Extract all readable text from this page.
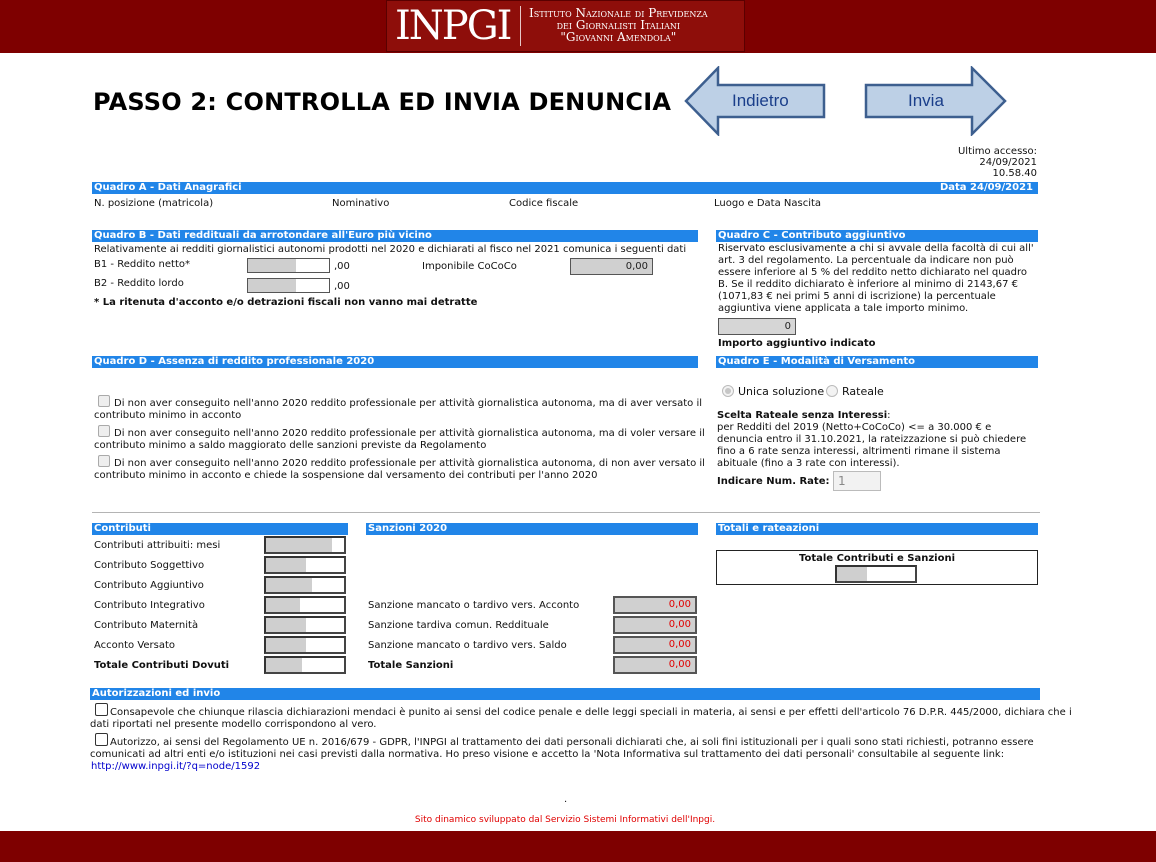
INPGI Istituto Nazionale di Previdenza
dei Giornalisti Italiani
"Giovanni Amendola"
PASSO 2: CONTROLLA ED INVIA DENUNCIA	Indietro	Invia
Ultimo accesso:
24/09/2021
10.58.40
Quadro A - Dati Anagrafici	Data 24/09/2021
N. posizione (matricola)	Nominativo	Codice fiscale	Luogo e Data Nascita
Quadro B - Dati reddituali da arrotondare all'Euro più vicino
Relativamente ai redditi giornalistici autonomi prodotti nel 2020 e dichiarati al fisco nel 2021 comunica i seguenti dati
B1 - Reddito netto*	,00
B2 - Reddito lordo	,00
Imponibile CoCoCo	0,00
* La ritenuta d'acconto e/o detrazioni fiscali non vanno mai detratte
Quadro C - Contributo aggiuntivo
Riservato esclusivamente a chi si avvale della facoltà di cui all'
art. 3 del regolamento. La percentuale da indicare non può
essere inferiore al 5 % del reddito netto dichiarato nel quadro
B. Se il reddito dichiarato è inferiore al minimo di 2143,67 €
(1071,83 € nei primi 5 anni di iscrizione) la percentuale
aggiuntiva viene applicata a tale importo minimo.
0
Importo aggiuntivo indicato
Quadro D - Assenza di reddito professionale 2020
Di non aver conseguito nell'anno 2020 reddito professionale per attività giornalistica autonoma, ma di aver versato il
contributo minimo in acconto
Di non aver conseguito nell'anno 2020 reddito professionale per attività giornalistica autonoma, ma di voler versare il
contributo minimo a saldo maggiorato delle sanzioni previste da Regolamento
Di non aver conseguito nell'anno 2020 reddito professionale per attività giornalistica autonoma, di non aver versato il
contributo minimo in acconto e chiede la sospensione dal versamento dei contributi per l'anno 2020
Quadro E - Modalità di Versamento
Unica soluzione Rateale
Scelta Rateale senza Interessi:
per Redditi del 2019 (Netto+CoCoCo) <= a 30.000 € e
denuncia entro il 31.10.2021, la rateizzazione si può chiedere
fino a 6 rate senza interessi, altrimenti rimane il sistema
abituale (fino a 3 rate con interessi).
Indicare Num. Rate: 1
Contributi
Contributi attribuiti: mesi
Contributo Soggettivo
Contributo Aggiuntivo
Contributo Integrativo
Contributo Maternità
Acconto Versato
Totale Contributi Dovuti
Sanzioni 2020
Sanzione mancato o tardivo vers. Acconto	0,00
Sanzione tardiva comun. Reddituale	0,00
Sanzione mancato o tardivo vers. Saldo	0,00
Totale Sanzioni	0,00
Totali e rateazioni
Totale Contributi e Sanzioni
Autorizzazioni ed invio
Consapevole che chiunque rilascia dichiarazioni mendaci è punito ai sensi del codice penale e delle leggi speciali in materia, ai sensi e per effetti dell'articolo 76 D.P.R. 445/2000, dichiara che i
dati riportati nel presente modello corrispondono al vero.
Autorizzo, ai sensi del Regolamento UE n. 2016/679 - GDPR, l'INPGI al trattamento dei dati personali dichiarati che, ai soli fini istituzionali per i quali sono stati richiesti, potranno essere
comunicati ad altri enti e/o istituzioni nei casi previsti dalla normativa. Ho preso visione e accetto la 'Nota Informativa sul trattamento dei dati personali' consultabile al seguente link:
http://www.inpgi.it/?q=node/1592
.
Sito dinamico sviluppato dal Servizio Sistemi Informativi dell'Inpgi.
